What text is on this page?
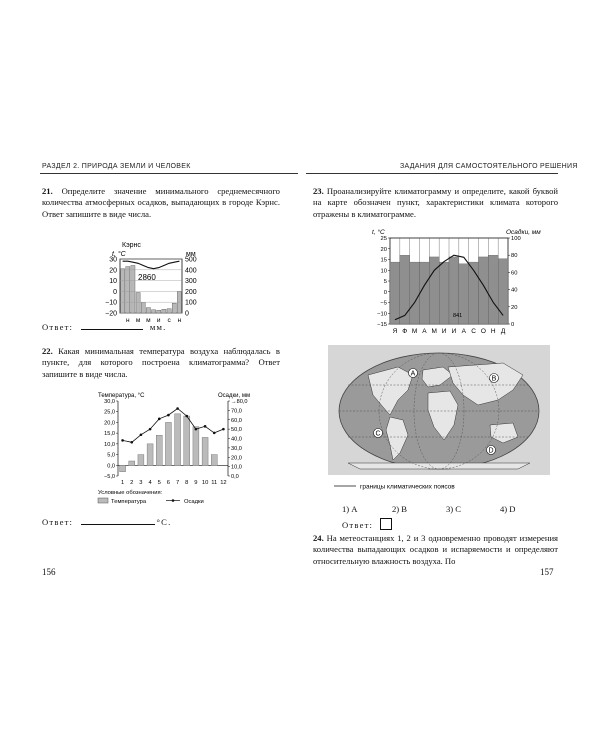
РАЗДЕЛ 2. ПРИРОДА ЗЕМЛИ И ЧЕЛОВЕК
21. Определите значение минимального среднемесячного количества атмосферных осадков, выпадающих в городе Кэрнс. Ответ запишите в виде числа.
Кэрнс
t, °C	мм
2860
30
20
10
0
−10
−20
500
400
300
200
100
0
н м м и с н
Ответ:	мм.
22. Какая минимальная температура воздуха наблюдалась в пункте, для которого построена климатограмма? Ответ запишите в виде числа.
Температура, °С	Осадки, мм
30,0
25,0
20,0
15,0
10,0
5,0
0,0
−5,0
→80,0
70,0
60,0
50,0
40,0
30,0
20,0
10,0
0,0
1 2 3 4 5 6 7 8 9 10 11 12
Условные обозначения:
Температура	Осадки
Ответ:	°C.
156
ЗАДАНИЯ ДЛЯ САМОСТОЯТЕЛЬНОГО РЕШЕНИЯ
23. Проанализируйте климатограмму и определите, какой буквой на карте обозначен пункт, характеристики климата которого отражены в климатограмме.
t, °С	Осадки, мм
841
25
20
15
10
5
0
−5
−10
−15
100
80
60
40
20
0
Я Ф М А М И И А С О Н Д
А
B
C
D
границы климатических поясов
1) А	2) B	3) C	4) D
Ответ:
24. На метеостанциях 1, 2 и 3 одновременно проводят измерения количества выпадающих осадков и испаряемости и определяют относительную влажность воздуха. По
157
